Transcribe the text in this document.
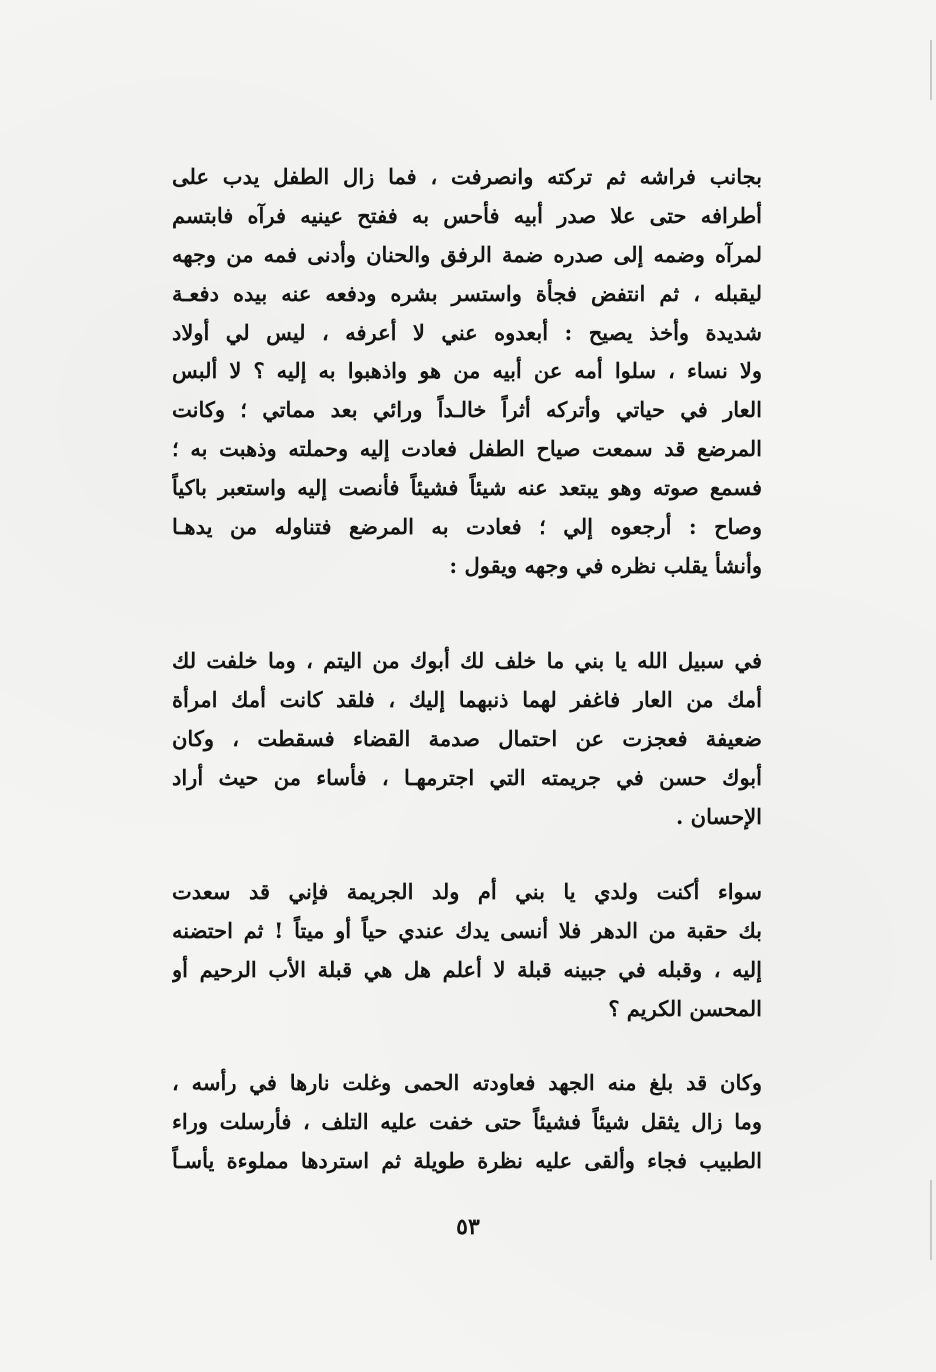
بجانب فراشه ثم تركته وانصرفت ، فما زال الطفل يدب على
أطرافه حتى علا صدر أبيه فأحس به ففتح عينيه فرآه فابتسم
لمرآه وضمه إلى صدره ضمة الرفق والحنان وأدنى فمه من وجهه
ليقبله ، ثم انتفض فجأة واستسر بشره ودفعه عنه بيده دفعـة
شديدة وأخذ يصيح : أبعدوه عني لا أعرفه ، ليس لي أولاد
ولا نساء ، سلوا أمه عن أبيه من هو واذهبوا به إليه ؟ لا ألبس
العار في حياتي وأتركه أثراً خالـداً ورائي بعد مماتي ؛ وكانت
المرضع قد سمعت صياح الطفل فعادت إليه وحملته وذهبت به ؛
فسمع صوته وهو يبتعد عنه شيئاً فشيئاً فأنصت إليه واستعبر باكياً
وصاح : أرجعوه إلي ؛ فعادت به المرضع فتناوله من يدهـا
وأنشأ يقلب نظره في وجهه ويقول :
في سبيل الله يا بني ما خلف لك أبوك من اليتم ، وما خلفت لك
أمك من العار فاغفر لهما ذنبهما إليك ، فلقد كانت أمك امرأة
ضعيفة فعجزت عن احتمال صدمة القضاء فسقطت ، وكان
أبوك حسن في جريمته التي اجترمهـا ، فأساء من حيث أراد
الإحسان .
سواء أكنت ولدي يا بني أم ولد الجريمة فإني قد سعدت
بك حقبة من الدهر فلا أنسى يدك عندي حياً أو ميتاً ! ثم احتضنه
إليه ، وقبله في جبينه قبلة لا أعلم هل هي قبلة الأب الرحيم أو
المحسن الكريم ؟
وكان قد بلغ منه الجهد فعاودته الحمى وغلت نارها في رأسه ،
وما زال يثقل شيئاً فشيئاً حتى خفت عليه التلف ، فأرسلت وراء
الطبيب فجاء وألقى عليه نظرة طويلة ثم استردها مملوءة يأسـاً
٥٣
